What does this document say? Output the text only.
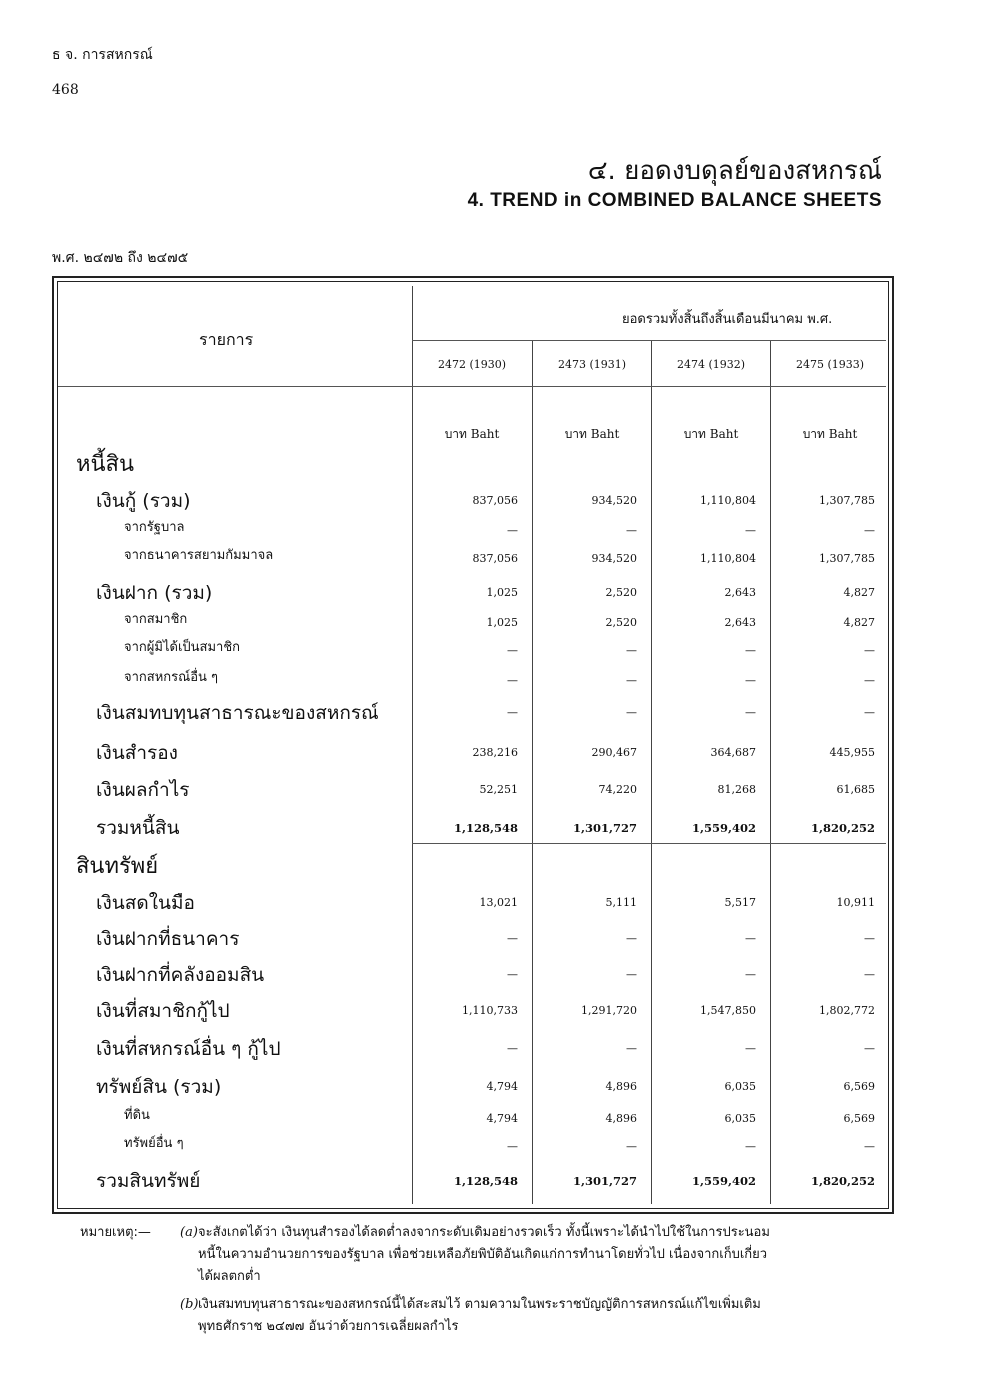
ธ จ. การสหกรณ์
468
๔. ยอดงบดุลย์ของสหกรณ์
4. TREND in COMBINED BALANCE SHEETS
พ.ศ. ๒๔๗๒ ถึง ๒๔๗๕
รายการ
ยอดรวมทั้งสิ้นถึงสิ้นเดือนมีนาคม พ.ศ.
2472 (1930)	2473 (1931)	2474 (1932)	2475 (1933)
บาท Baht	บาท Baht	บาท Baht	บาท Baht
หนี้สิน
เงินกู้ (รวม)	837,056	934,520	1,110,804	1,307,785
จากรัฐบาล	—	—	—	—
จากธนาคารสยามกัมมาจล	837,056	934,520	1,110,804	1,307,785
เงินฝาก (รวม)	1,025	2,520	2,643	4,827
จากสมาชิก	1,025	2,520	2,643	4,827
จากผู้มิได้เป็นสมาชิก	—	—	—	—
จากสหกรณ์อื่น ๆ	—	—	—	—
เงินสมทบทุนสาธารณะของสหกรณ์	—	—	—	—
เงินสำรอง	238,216	290,467	364,687	445,955
เงินผลกำไร	52,251	74,220	81,268	61,685
รวมหนี้สิน	1,128,548	1,301,727	1,559,402	1,820,252
สินทรัพย์
เงินสดในมือ	13,021	5,111	5,517	10,911
เงินฝากที่ธนาคาร	—	—	—	—
เงินฝากที่คลังออมสิน	—	—	—	—
เงินที่สมาชิกกู้ไป	1,110,733	1,291,720	1,547,850	1,802,772
เงินที่สหกรณ์อื่น ๆ กู้ไป	—	—	—	—
ทรัพย์สิน (รวม)	4,794	4,896	6,035	6,569
ที่ดิน	4,794	4,896	6,035	6,569
ทรัพย์อื่น ๆ	—	—	—	—
รวมสินทรัพย์	1,128,548	1,301,727	1,559,402	1,820,252
หมายเหตุ:—	(a) จะสังเกตได้ว่า เงินทุนสำรองได้ลดต่ำลงจากระดับเดิมอย่างรวดเร็ว ทั้งนี้เพราะได้นำไปใช้ในการประนอม
หนี้ในความอำนวยการของรัฐบาล เพื่อช่วยเหลือภัยพิบัติอันเกิดแก่การทำนาโดยทั่วไป เนื่องจากเก็บเกี่ยว
ได้ผลตกต่ำ
(b) เงินสมทบทุนสาธารณะของสหกรณ์นี้ได้สะสมไว้ ตามความในพระราชบัญญัติการสหกรณ์แก้ไขเพิ่มเติม
พุทธศักราช ๒๔๗๗ อันว่าด้วยการเฉลี่ยผลกำไร
